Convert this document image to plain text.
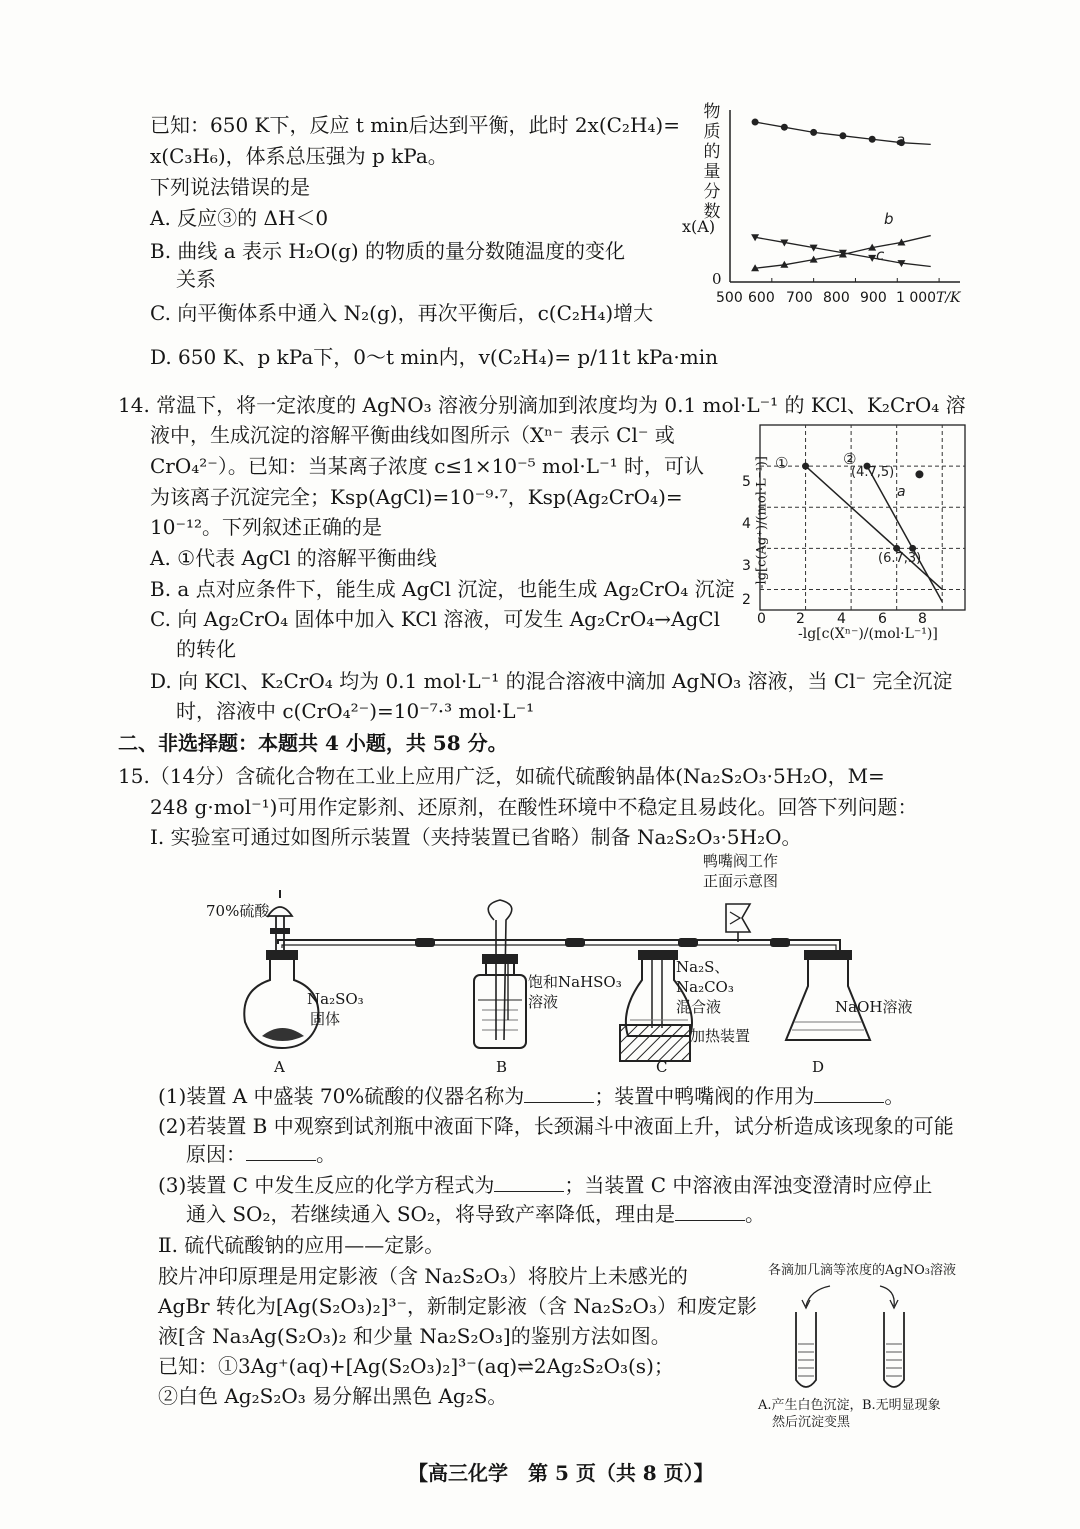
已知：650 K下，反应 t min后达到平衡，此时 2x(C₂H₄)=
x(C₃H₆)，体系总压强为 p kPa。
下列说法错误的是
A. 反应③的 ΔH＜0
B. 曲线 a 表示 H₂O(g) 的物质的量分数随温度的变化
关系
C. 向平衡体系中通入 N₂(g)，再次平衡后，c(C₂H₄)增大
D. 650 K、p kPa下，0～t min内，v(C₂H₄)= p/11t kPa·min
物
质
的
量
分
数
x(A)
0
a
b
c
500 600 700 800 900 1 000 T/K
14. 常温下，将一定浓度的 AgNO₃ 溶液分别滴加到浓度均为 0.1 mol·L⁻¹ 的 KCl、K₂CrO₄ 溶
液中，生成沉淀的溶解平衡曲线如图所示（Xⁿ⁻ 表示 Cl⁻ 或
CrO₄²⁻）。已知：当某离子浓度 c≤1×10⁻⁵ mol·L⁻¹ 时，可认
为该离子沉淀完全；Ksp(AgCl)=10⁻⁹·⁷，Ksp(Ag₂CrO₄)=
10⁻¹²。下列叙述正确的是
A. ①代表 AgCl 的溶解平衡曲线
B. a 点对应条件下，能生成 AgCl 沉淀，也能生成 Ag₂CrO₄ 沉淀
C. 向 Ag₂CrO₄ 固体中加入 KCl 溶液，可发生 Ag₂CrO₄→AgCl
的转化
D. 向 KCl、K₂CrO₄ 均为 0.1 mol·L⁻¹ 的混合溶液中滴加 AgNO₃ 溶液，当 Cl⁻ 完全沉淀
时，溶液中 c(CrO₄²⁻)=10⁻⁷·³ mol·L⁻¹
-lg[c(Ag⁺)/(mol·L⁻¹)] ①	②
(4.7,5)
(6.7,3)
a
5
4
3
2
0 2 4 6 8
-lg[c(Xⁿ⁻)/(mol·L⁻¹)]
二、非选择题：本题共 4 小题，共 58 分。
15.（14分）含硫化合物在工业上应用广泛，如硫代硫酸钠晶体(Na₂S₂O₃·5H₂O，M=
248 g·mol⁻¹)可用作定影剂、还原剂，在酸性环境中不稳定且易歧化。回答下列问题：
Ⅰ. 实验室可通过如图所示装置（夹持装置已省略）制备 Na₂S₂O₃·5H₂O。
70%硫酸
Na₂SO₃
固体
饱和NaHSO₃
溶液
Na₂S、
Na₂CO₃
混合液
加热装置
NaOH溶液
鸭嘴阀工作
正面示意图
A	B	C	D
(1)装置 A 中盛装 70%硫酸的仪器名称为	；装置中鸭嘴阀的作用为	。
(2)若装置 B 中观察到试剂瓶中液面下降，长颈漏斗中液面上升，试分析造成该现象的可能
原因：	。
(3)装置 C 中发生反应的化学方程式为	；当装置 C 中溶液由浑浊变澄清时应停止
通入 SO₂，若继续通入 SO₂，将导致产率降低，理由是	。
Ⅱ. 硫代硫酸钠的应用——定影。
胶片冲印原理是用定影液（含 Na₂S₂O₃）将胶片上未感光的
AgBr 转化为[Ag(S₂O₃)₂]³⁻，新制定影液（含 Na₂S₂O₃）和废定影
液[含 Na₃Ag(S₂O₃)₂ 和少量 Na₂S₂O₃]的鉴别方法如图。
已知：①3Ag⁺(aq)+[Ag(S₂O₃)₂]³⁻(aq)⇌2Ag₂S₂O₃(s)；
②白色 Ag₂S₂O₃ 易分解出黑色 Ag₂S。
各滴加几滴等浓度的AgNO₃溶液
A.产生白色沉淀，
然后沉淀变黑
B.无明显现象
【高三化学　第 5 页（共 8 页）】
